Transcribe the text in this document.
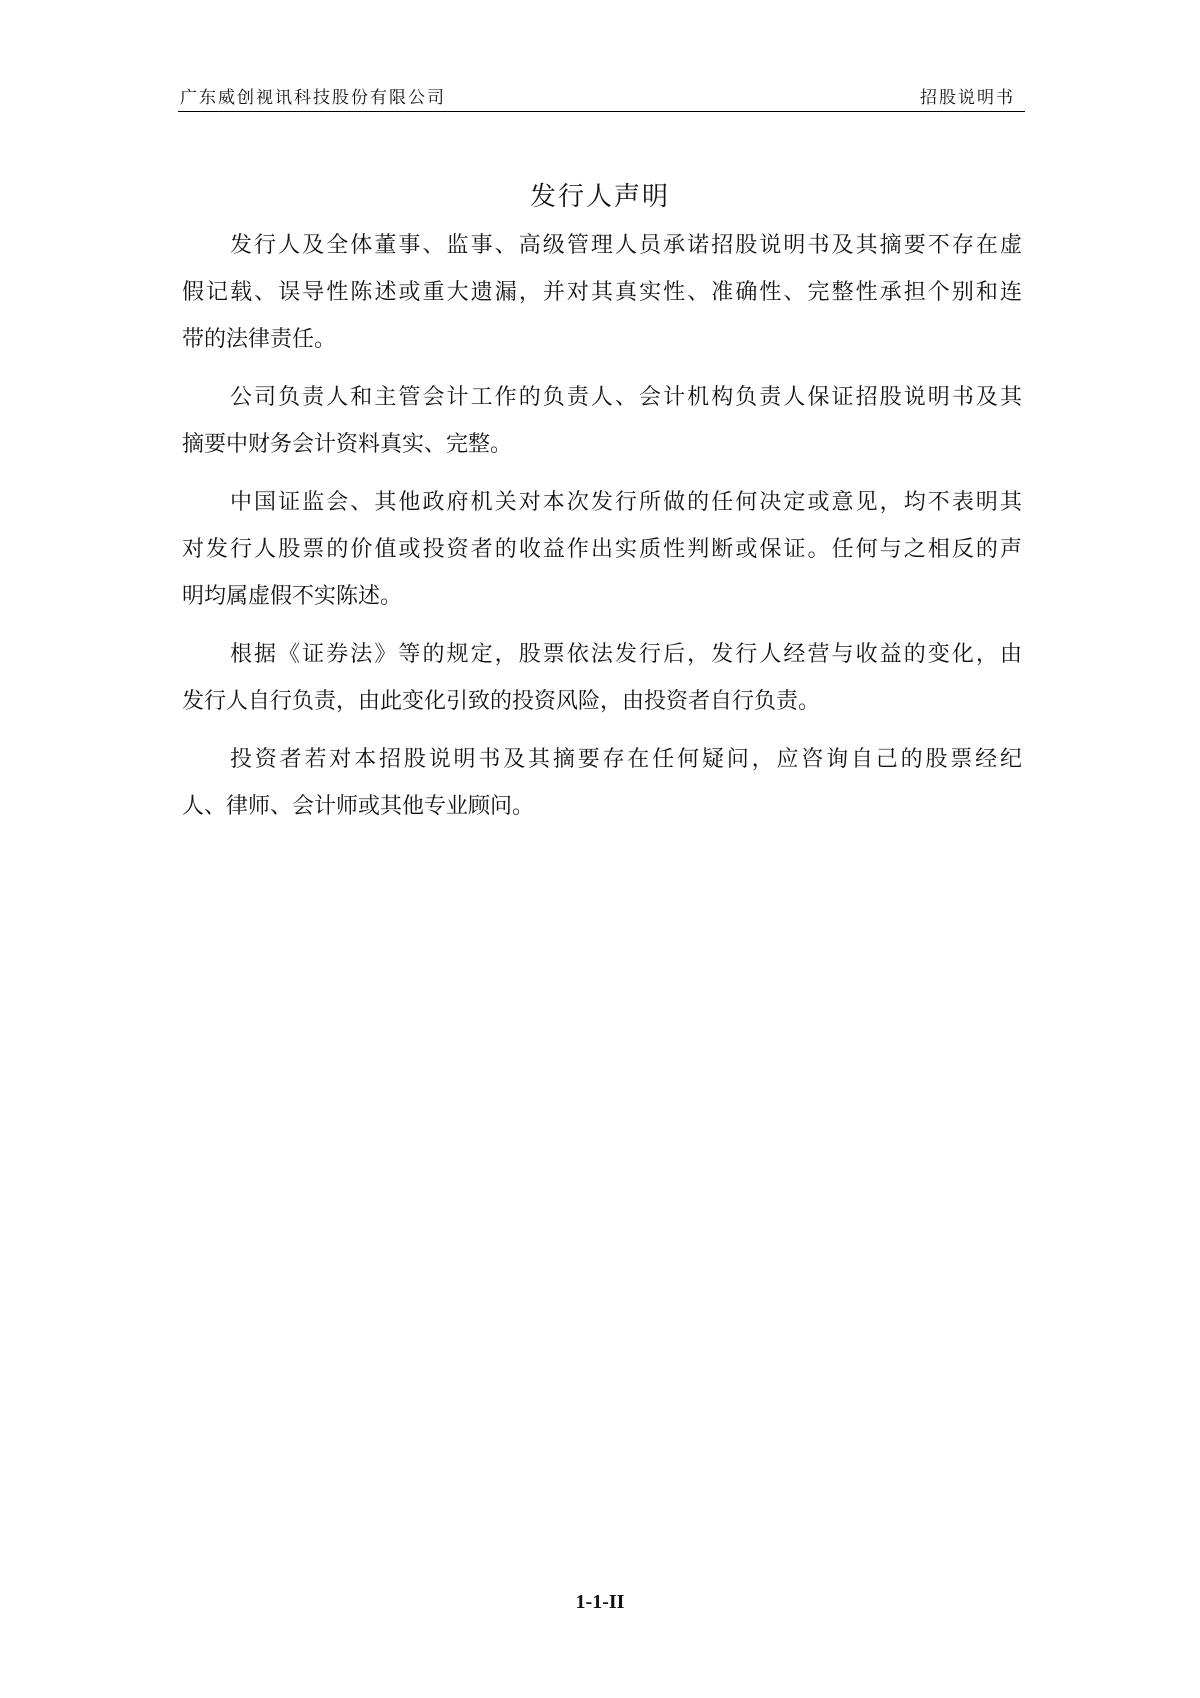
广东威创视讯科技股份有限公司	招股说明书
发行人声明
发行人及全体董事、监事、高级管理人员承诺招股说明书及其摘要不存在虚
假记载、误导性陈述或重大遗漏，并对其真实性、准确性、完整性承担个别和连
带的法律责任。
公司负责人和主管会计工作的负责人、会计机构负责人保证招股说明书及其
摘要中财务会计资料真实、完整。
中国证监会、其他政府机关对本次发行所做的任何决定或意见，均不表明其
对发行人股票的价值或投资者的收益作出实质性判断或保证。任何与之相反的声
明均属虚假不实陈述。
根据《证券法》等的规定，股票依法发行后，发行人经营与收益的变化，由
发行人自行负责，由此变化引致的投资风险，由投资者自行负责。
投资者若对本招股说明书及其摘要存在任何疑问，应咨询自己的股票经纪
人、律师、会计师或其他专业顾问。
1-1-II
